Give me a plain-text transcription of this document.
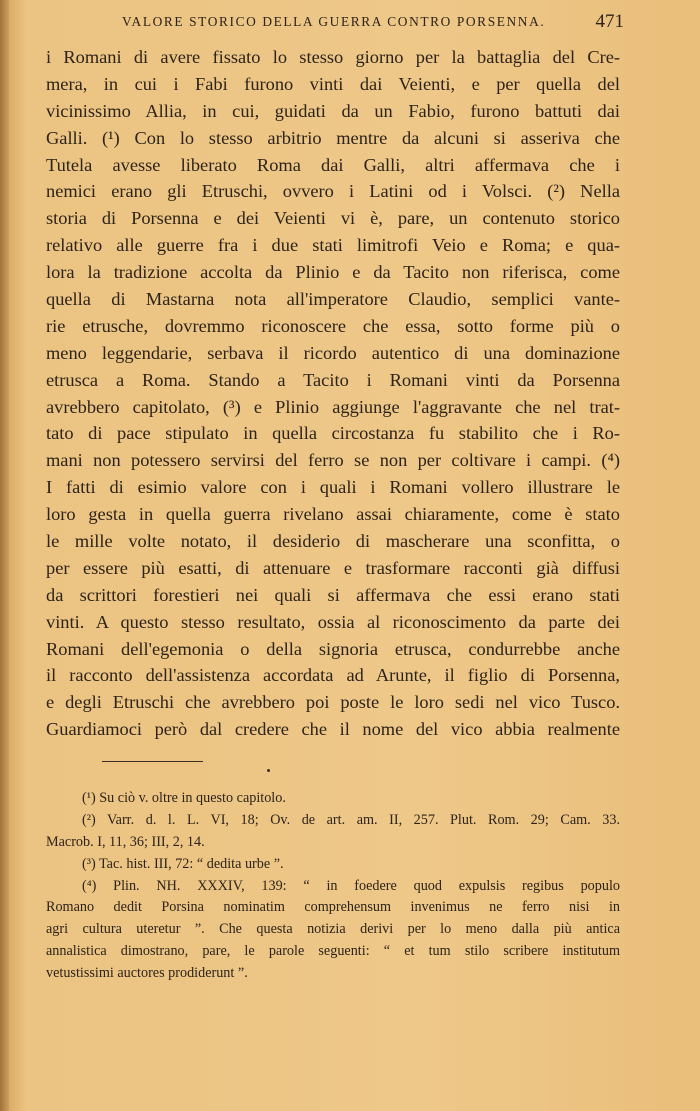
VALORE STORICO DELLA GUERRA CONTRO PORSENNA.	471
i Romani di avere fissato lo stesso giorno per la battaglia del Cre-
mera, in cui i Fabi furono vinti dai Veienti, e per quella del
vicinissimo Allia, in cui, guidati da un Fabio, furono battuti dai
Galli. (¹) Con lo stesso arbitrio mentre da alcuni si asseriva che
Tutela avesse liberato Roma dai Galli, altri affermava che i
nemici erano gli Etruschi, ovvero i Latini od i Volsci. (²) Nella
storia di Porsenna e dei Veienti vi è, pare, un contenuto storico
relativo alle guerre fra i due stati limitrofi Veio e Roma; e qua-
lora la tradizione accolta da Plinio e da Tacito non riferisca, come
quella di Mastarna nota all'imperatore Claudio, semplici vante-
rie etrusche, dovremmo riconoscere che essa, sotto forme più o
meno leggendarie, serbava il ricordo autentico di una dominazione
etrusca a Roma. Stando a Tacito i Romani vinti da Porsenna
avrebbero capitolato, (³) e Plinio aggiunge l'aggravante che nel trat-
tato di pace stipulato in quella circostanza fu stabilito che i Ro-
mani non potessero servirsi del ferro se non per coltivare i campi. (⁴)
I fatti di esimio valore con i quali i Romani vollero illustrare le
loro gesta in quella guerra rivelano assai chiaramente, come è stato
le mille volte notato, il desiderio di mascherare una sconfitta, o
per essere più esatti, di attenuare e trasformare racconti già diffusi
da scrittori forestieri nei quali si affermava che essi erano stati
vinti. A questo stesso resultato, ossia al riconoscimento da parte dei
Romani dell'egemonia o della signoria etrusca, condurrebbe anche
il racconto dell'assistenza accordata ad Arunte, il figlio di Porsenna,
e degli Etruschi che avrebbero poi poste le loro sedi nel vico Tusco.
Guardiamoci però dal credere che il nome del vico abbia realmente
(¹) Su ciò v. oltre in questo capitolo.
(²) Varr. d. l. L. VI, 18; Ov. de art. am. II, 257. Plut. Rom. 29; Cam. 33.
Macrob. I, 11, 36; III, 2, 14.
(³) Tac. hist. III, 72: “ dedita urbe ”.
(⁴) Plin. NH. XXXIV, 139: “ in foedere quod expulsis regibus populo
Romano dedit Porsina nominatim comprehensum invenimus ne ferro nisi in
agri cultura uteretur ”. Che questa notizia derivi per lo meno dalla più antica
annalistica dimostrano, pare, le parole seguenti: “ et tum stilo scribere institutum
vetustissimi auctores prodiderunt ”.
